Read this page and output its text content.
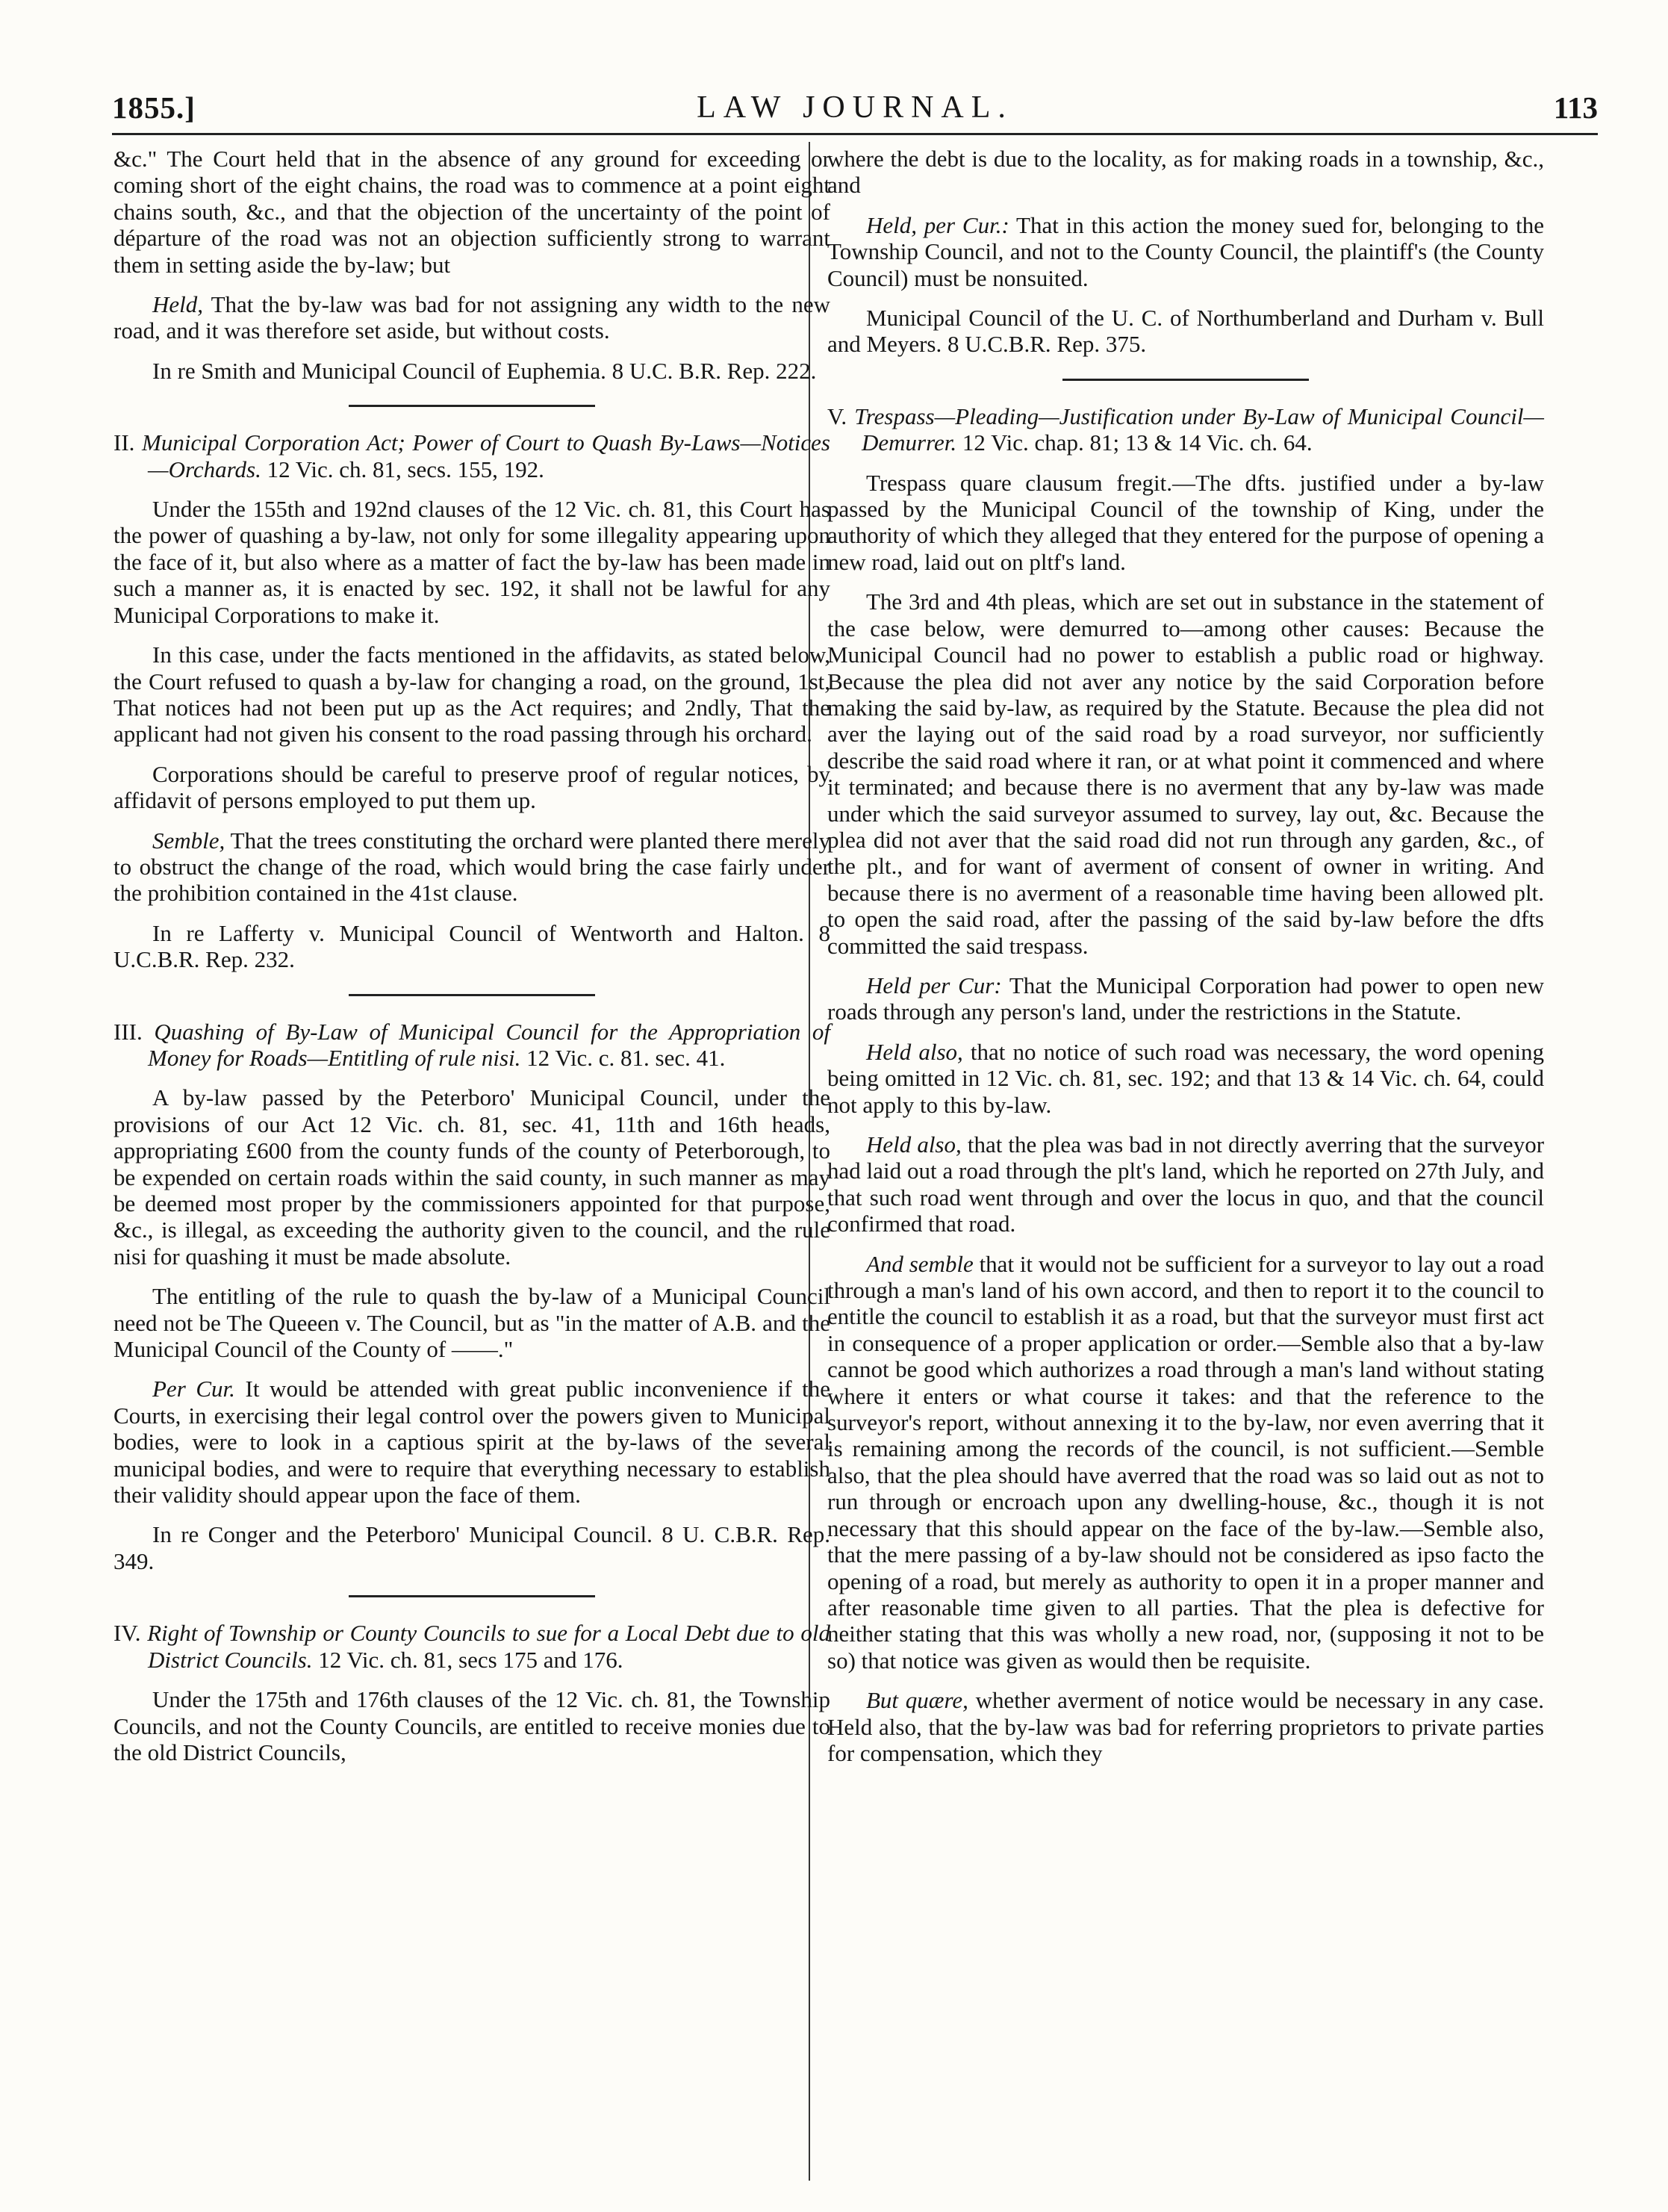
1855.]	LAW JOURNAL.	113

&c." The Court held that in the absence of any ground for exceeding or coming short of the eight chains, the road was to commence at a point eight chains south, &c., and that the objection of the uncertainty of the point of départure of the road was not an objection sufficiently strong to warrant them in setting aside the by-law; but

Held, That the by-law was bad for not assigning any width to the new road, and it was therefore set aside, but without costs.

In re Smith and Municipal Council of Euphemia. 8 U.C. B.R. Rep. 222.

II. Municipal Corporation Act; Power of Court to Quash By-Laws—Notices—Orchards. 12 Vic. ch. 81, secs. 155, 192.

Under the 155th and 192nd clauses of the 12 Vic. ch. 81, this Court has the power of quashing a by-law, not only for some illegality appearing upon the face of it, but also where as a matter of fact the by-law has been made in such a manner as, it is enacted by sec. 192, it shall not be lawful for any Municipal Corporations to make it.

In this case, under the facts mentioned in the affidavits, as stated below, the Court refused to quash a by-law for changing a road, on the ground, 1st, That notices had not been put up as the Act requires; and 2ndly, That the applicant had not given his consent to the road passing through his orchard.

Corporations should be careful to preserve proof of regular notices, by affidavit of persons employed to put them up.

Semble, That the trees constituting the orchard were planted there merely to obstruct the change of the road, which would bring the case fairly under the prohibition contained in the 41st clause.

In re Lafferty v. Municipal Council of Wentworth and Halton. 8 U.C.B.R. Rep. 232.

III. Quashing of By-Law of Municipal Council for the Appropriation of Money for Roads—Entitling of rule nisi. 12 Vic. c. 81. sec. 41.

A by-law passed by the Peterboro' Municipal Council, under the provisions of our Act 12 Vic. ch. 81, sec. 41, 11th and 16th heads, appropriating £600 from the county funds of the county of Peterborough, to be expended on certain roads within the said county, in such manner as may be deemed most proper by the commissioners appointed for that purpose, &c., is illegal, as exceeding the authority given to the council, and the rule nisi for quashing it must be made absolute.

The entitling of the rule to quash the by-law of a Municipal Council need not be The Queeen v. The Council, but as "in the matter of A.B. and the Municipal Council of the County of ——."

Per Cur. It would be attended with great public inconvenience if the Courts, in exercising their legal control over the powers given to Municipal bodies, were to look in a captious spirit at the by-laws of the several municipal bodies, and were to require that everything necessary to establish their validity should appear upon the face of them.

In re Conger and the Peterboro' Municipal Council. 8 U. C.B.R. Rep. 349.

IV. Right of Township or County Councils to sue for a Local Debt due to old District Councils. 12 Vic. ch. 81, secs 175 and 176.

Under the 175th and 176th clauses of the 12 Vic. ch. 81, the Township Councils, and not the County Councils, are entitled to receive monies due to the old District Councils,

where the debt is due to the locality, as for making roads in a township, &c., and

Held, per Cur.: That in this action the money sued for, belonging to the Township Council, and not to the County Council, the plaintiff's (the County Council) must be nonsuited.

Municipal Council of the U. C. of Northumberland and Durham v. Bull and Meyers. 8 U.C.B.R. Rep. 375.

V. Trespass—Pleading—Justification under By-Law of Municipal Council—Demurrer. 12 Vic. chap. 81; 13 & 14 Vic. ch. 64.

Trespass quare clausum fregit.—The dfts. justified under a by-law passed by the Municipal Council of the township of King, under the authority of which they alleged that they entered for the purpose of opening a new road, laid out on pltf's land.

The 3rd and 4th pleas, which are set out in substance in the statement of the case below, were demurred to—among other causes: Because the Municipal Council had no power to establish a public road or highway. Because the plea did not aver any notice by the said Corporation before making the said by-law, as required by the Statute. Because the plea did not aver the laying out of the said road by a road surveyor, nor sufficiently describe the said road where it ran, or at what point it commenced and where it terminated; and because there is no averment that any by-law was made under which the said surveyor assumed to survey, lay out, &c. Because the plea did not aver that the said road did not run through any garden, &c., of the plt., and for want of averment of consent of owner in writing. And because there is no averment of a reasonable time having been allowed plt. to open the said road, after the passing of the said by-law before the dfts committed the said trespass.

Held per Cur: That the Municipal Corporation had power to open new roads through any person's land, under the restrictions in the Statute.

Held also, that no notice of such road was necessary, the word opening being omitted in 12 Vic. ch. 81, sec. 192; and that 13 & 14 Vic. ch. 64, could not apply to this by-law.

Held also, that the plea was bad in not directly averring that the surveyor had laid out a road through the plt's land, which he reported on 27th July, and that such road went through and over the locus in quo, and that the council confirmed that road.

And semble that it would not be sufficient for a surveyor to lay out a road through a man's land of his own accord, and then to report it to the council to entitle the council to establish it as a road, but that the surveyor must first act in consequence of a proper application or order.—Semble also that a by-law cannot be good which authorizes a road through a man's land without stating where it enters or what course it takes: and that the reference to the surveyor's report, without annexing it to the by-law, nor even averring that it is remaining among the records of the council, is not sufficient.—Semble also, that the plea should have averred that the road was so laid out as not to run through or encroach upon any dwelling-house, &c., though it is not necessary that this should appear on the face of the by-law.—Semble also, that the mere passing of a by-law should not be considered as ipso facto the opening of a road, but merely as authority to open it in a proper manner and after reasonable time given to all parties. That the plea is defective for neither stating that this was wholly a new road, nor, (supposing it not to be so) that notice was given as would then be requisite.

But quære, whether averment of notice would be necessary in any case. Held also, that the by-law was bad for referring proprietors to private parties for compensation, which they
